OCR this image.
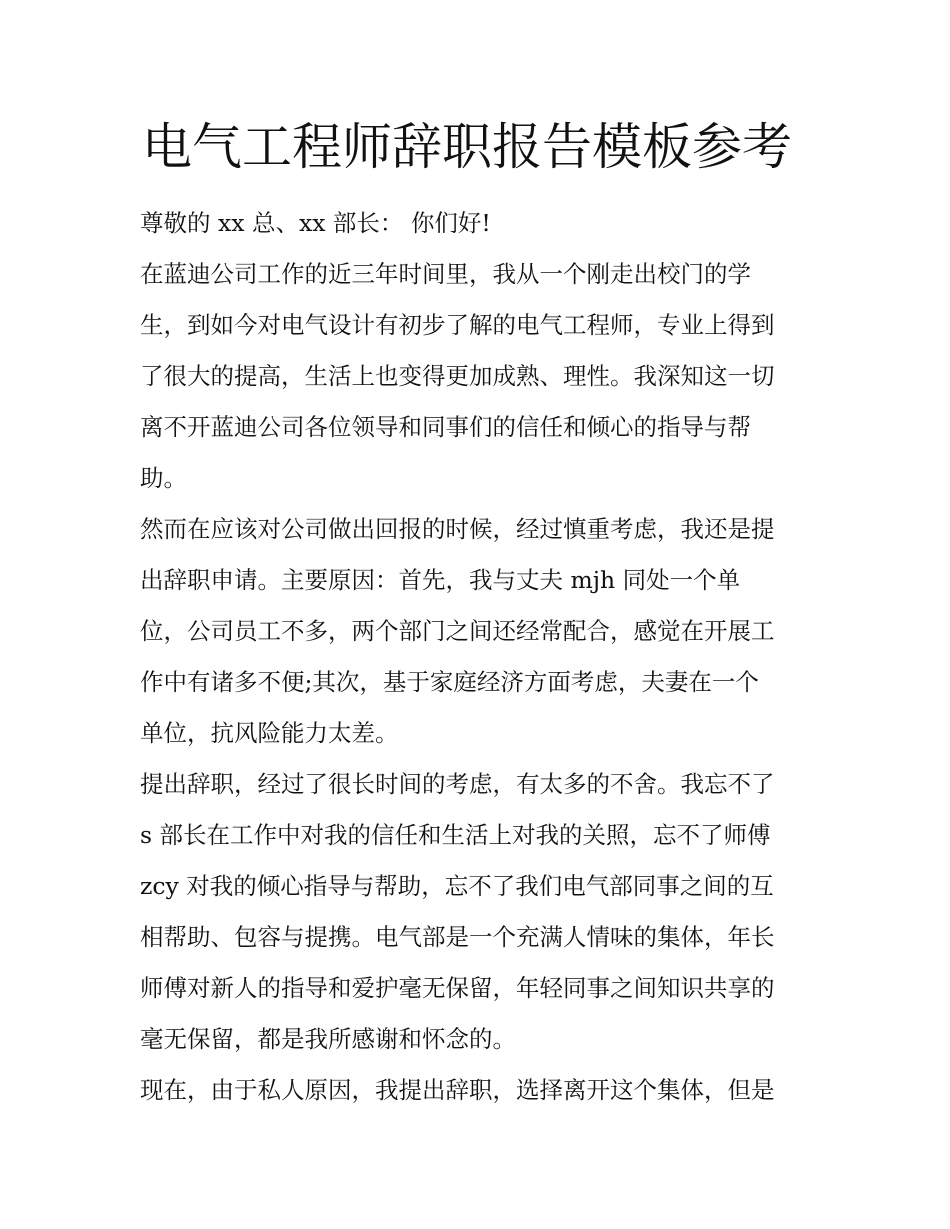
电气工程师辞职报告模板参考
尊敬的 xx 总、xx 部长： 你们好!
在蓝迪公司工作的近三年时间里，我从一个刚走出校门的学
生，到如今对电气设计有初步了解的电气工程师，专业上得到
了很大的提高，生活上也变得更加成熟、理性。我深知这一切
离不开蓝迪公司各位领导和同事们的信任和倾心的指导与帮
助。
然而在应该对公司做出回报的时候，经过慎重考虑，我还是提
出辞职申请。主要原因：首先，我与丈夫 mjh 同处一个单
位，公司员工不多，两个部门之间还经常配合，感觉在开展工
作中有诸多不便;其次，基于家庭经济方面考虑，夫妻在一个
单位，抗风险能力太差。
提出辞职，经过了很长时间的考虑，有太多的不舍。我忘不了
s 部长在工作中对我的信任和生活上对我的关照，忘不了师傅
zcy 对我的倾心指导与帮助，忘不了我们电气部同事之间的互
相帮助、包容与提携。电气部是一个充满人情味的集体，年长
师傅对新人的指导和爱护毫无保留，年轻同事之间知识共享的
毫无保留，都是我所感谢和怀念的。
现在，由于私人原因，我提出辞职，选择离开这个集体，但是
